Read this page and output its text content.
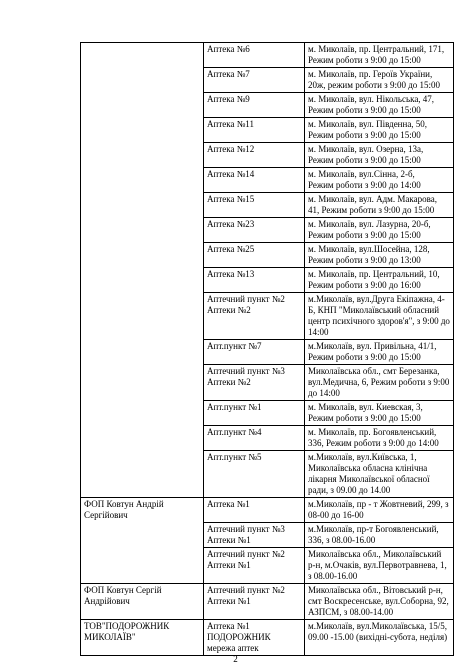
	Аптека №6	м. Миколаїв, пр. Центральний, 171,
Режим роботи з 9:00 до 15:00
	Аптека №7	м. Миколаїв, пр. Героїв України, 20ж, режим роботи з 9:00 до 15:00
	Аптека №9	м. Миколаїв, вул. Нікольська, 47,
Режим роботи з 9:00 до 15:00
	Аптека №11	м. Миколаїв, вул. Південна, 50,
Режим роботи з 9:00 до 15:00
	Аптека №12	м. Миколаїв, вул. Озерна, 13а,
Режим роботи з 9:00 до 15:00
	Аптека №14	м. Миколаїв, вул.Сінна, 2-б,
Режим роботи з 9:00 до 14:00
	Аптека №15	м. Миколаїв, вул. Адм. Макарова, 41, Режим роботи з 9:00 до 15:00
	Аптека №23	м. Миколаїв, вул. Лазурна, 20-б,
Режим роботи з 9:00 до 15:00
	Аптека №25	м. Миколаїв, вул.Шосейна, 128,
Режим роботи з 9:00 до 13:00
	Аптека №13	м. Миколаїв, пр. Центральний, 10,
Режим роботи з 9:00 до 16:00
	Аптечний пункт №2
Аптеки №2	м.Миколаїв, вул.Друга Екіпажна, 4-Б, КНП "Миколаївський обласний центр психічного здоров'я", з 9:00 до 14:00
	Апт.пункт №7	м.Миколаїв, вул. Привільна, 41/1,
Режим роботи з 9:00 до 15:00
	Аптечний пункт №3
Аптеки №2	Миколаївська обл., смт Березанка, вул.Медична, 6, Режим роботи з 9:00 до 14:00
	Апт.пункт №1	м. Миколаїв, вул. Киевская, 3,
Режим роботи з 9:00 до 15:00
	Апт.пункт №4	м. Миколаїв, пр. Богоявленський, 336, Режим роботи з 9:00 до 14:00
	Апт.пункт №5	м.Миколаїв, вул.Київська, 1, Миколаївська обласна клінічна лікарня Миколаївської обласної ради, з 09.00 до 14.00
ФОП Ковтун Андрій Сергійович	Аптека №1	м.Миколаїв, пр - т Жовтневий, 299, з 08-00 до 16-00
	Аптечний пункт №3
Аптеки №1	м.Миколаїв, пр-т Богоявленський, 336, з 08.00-16.00
	Аптечний пункт №2
Аптеки №1	Миколаївська обл., Миколаївський р-н, м.Очаків, вул.Первотравнева, 1, з 08.00-16.00
ФОП Ковтун Сергій Андрійович	Аптечний пункт №2
Аптеки №1	Миколаївська обл., Вітовський р-н, смт Воскресенське, вул.Соборна, 92, АЗПСМ, з 08.00-14.00
ТОВ"ПОДОРОЖНИК МИКОЛАЇВ"	Аптека №1
ПОДОРОЖНИК
мережа аптек	м.Миколаїв, вул.Миколаївська, 15/5, 09.00 -15.00 (вихідні-субота, неділя)
2
